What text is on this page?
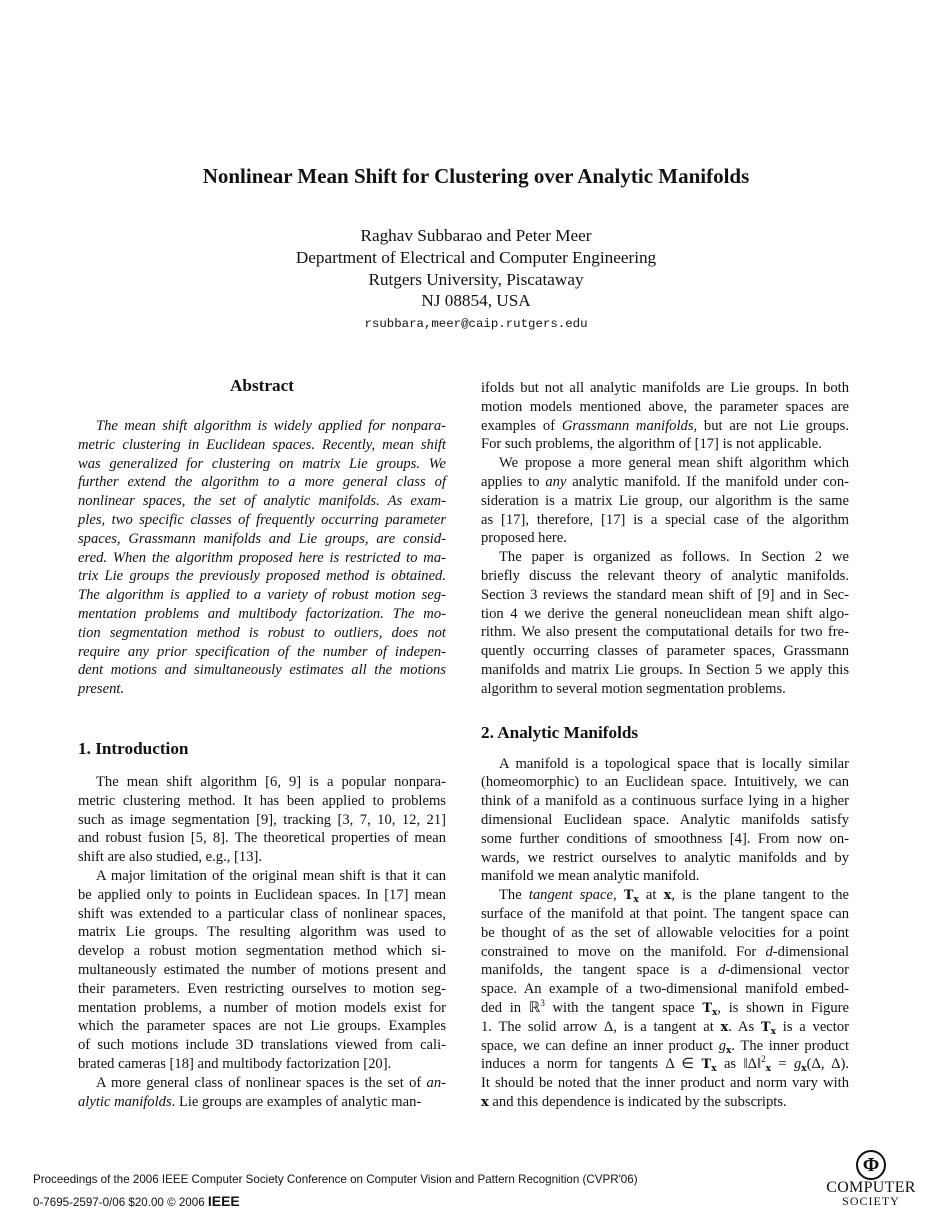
Nonlinear Mean Shift for Clustering over Analytic Manifolds
Raghav Subbarao and Peter Meer
Department of Electrical and Computer Engineering
Rutgers University, Piscataway
NJ 08854, USA
rsubbara,meer@caip.rutgers.edu
Abstract
The mean shift algorithm is widely applied for nonpara-
metric clustering in Euclidean spaces. Recently, mean shift
was generalized for clustering on matrix Lie groups. We
further extend the algorithm to a more general class of
nonlinear spaces, the set of analytic manifolds. As exam-
ples, two specific classes of frequently occurring parameter
spaces, Grassmann manifolds and Lie groups, are consid-
ered. When the algorithm proposed here is restricted to ma-
trix Lie groups the previously proposed method is obtained.
The algorithm is applied to a variety of robust motion seg-
mentation problems and multibody factorization. The mo-
tion segmentation method is robust to outliers, does not
require any prior specification of the number of indepen-
dent motions and simultaneously estimates all the motions
present.
1. Introduction
The mean shift algorithm [6, 9] is a popular nonpara-
metric clustering method. It has been applied to problems
such as image segmentation [9], tracking [3, 7, 10, 12, 21]
and robust fusion [5, 8]. The theoretical properties of mean
shift are also studied, e.g., [13].
A major limitation of the original mean shift is that it can
be applied only to points in Euclidean spaces. In [17] mean
shift was extended to a particular class of nonlinear spaces,
matrix Lie groups. The resulting algorithm was used to
develop a robust motion segmentation method which si-
multaneously estimated the number of motions present and
their parameters. Even restricting ourselves to motion seg-
mentation problems, a number of motion models exist for
which the parameter spaces are not Lie groups. Examples
of such motions include 3D translations viewed from cali-
brated cameras [18] and multibody factorization [20].
A more general class of nonlinear spaces is the set of an-
alytic manifolds. Lie groups are examples of analytic man-
ifolds but not all analytic manifolds are Lie groups. In both
motion models mentioned above, the parameter spaces are
examples of Grassmann manifolds, but are not Lie groups.
For such problems, the algorithm of [17] is not applicable.
We propose a more general mean shift algorithm which
applies to any analytic manifold. If the manifold under con-
sideration is a matrix Lie group, our algorithm is the same
as [17], therefore, [17] is a special case of the algorithm
proposed here.
The paper is organized as follows. In Section 2 we
briefly discuss the relevant theory of analytic manifolds.
Section 3 reviews the standard mean shift of [9] and in Sec-
tion 4 we derive the general noneuclidean mean shift algo-
rithm. We also present the computational details for two fre-
quently occurring classes of parameter spaces, Grassmann
manifolds and matrix Lie groups. In Section 5 we apply this
algorithm to several motion segmentation problems.
2. Analytic Manifolds
A manifold is a topological space that is locally similar
(homeomorphic) to an Euclidean space. Intuitively, we can
think of a manifold as a continuous surface lying in a higher
dimensional Euclidean space. Analytic manifolds satisfy
some further conditions of smoothness [4]. From now on-
wards, we restrict ourselves to analytic manifolds and by
manifold we mean analytic manifold.
The tangent space, $T_x$ at x, is the plane tangent to the
surface of the manifold at that point. The tangent space can
be thought of as the set of allowable velocities for a point
constrained to move on the manifold. For d-dimensional
manifolds, the tangent space is a d-dimensional vector
space. An example of a two-dimensional manifold embed-
ded in ℝ$^3$ with the tangent space $T_x$, is shown in Figure
1. The solid arrow Δ, is a tangent at x. As $T_x$ is a vector
space, we can define an inner product $g_x$. The inner product
induces a norm for tangents Δ ∈ $T_x$ as ‖Δ‖$^2_x$ = $g_x(\Delta$, Δ).
It should be noted that the inner product and norm vary with
x and this dependence is indicated by the subscripts.
Proceedings of the 2006 IEEE Computer Society Conference on Computer Vision and Pattern Recognition (CVPR'06)
0-7695-2597-0/06 $20.00 © 2006 IEEE
Φ
COMPUTER
SOCIETY
